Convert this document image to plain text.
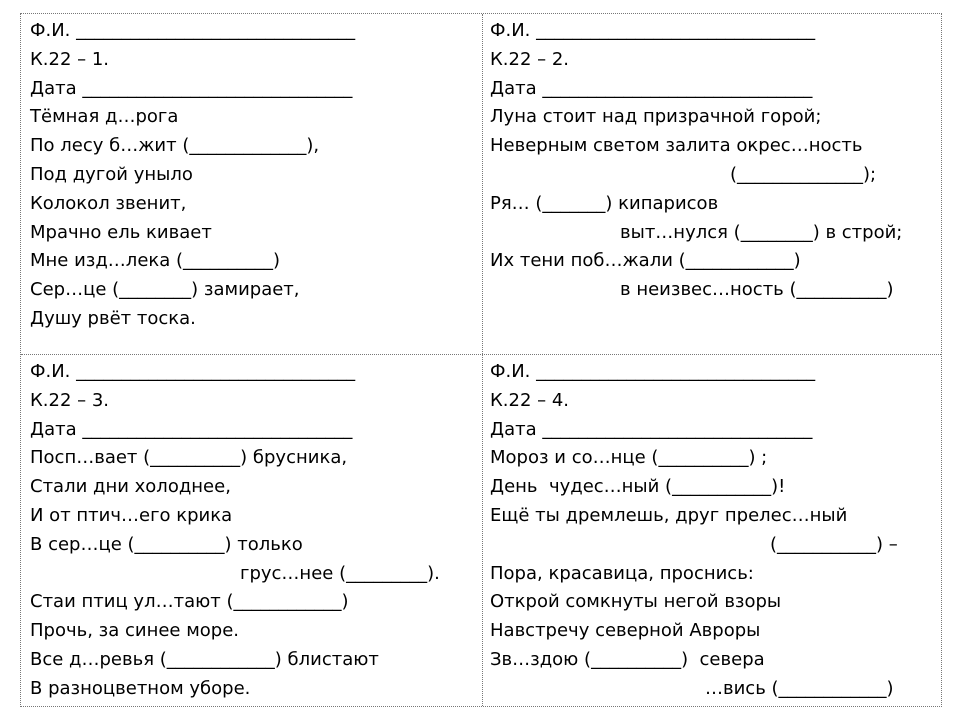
Ф.И. _______________________________
К.22 – 1.
Дата ______________________________
Тёмная д…рога
По лесу б…жит (_____________),
Под дугой уныло
Колокол звенит,
Мрачно ель кивает
Мне изд…лека (__________)
Сер…це (________) замирает,
Душу рвёт тоска.
Ф.И. _______________________________
К.22 – 2.
Дата ______________________________
Луна стоит над призрачной горой;
Неверным светом залита окрес…ность
(______________);
Ря… (_______) кипарисов
выт…нулся (________) в строй;
Их тени поб…жали (____________)
в неизвес…ность (__________)
Ф.И. _______________________________
К.22 – 3.
Дата ______________________________
Посп…вает (__________) брусника,
Стали дни холоднее,
И от птич…его крика
В сер…це (__________) только
грус…нее (_________).
Стаи птиц ул…тают (____________)
Прочь, за синее море.
Все д…ревья (____________) блистают
В разноцветном уборе.
Ф.И. _______________________________
К.22 – 4.
Дата ______________________________
Мороз и со…нце (__________) ;
День  чудес…ный (___________)!
Ещё ты дремлешь, друг прелес…ный
(___________) –
Пора, красавица, проснись:
Открой сомкнуты негой взоры
Навстречу северной Авроры
Зв…здою (__________)  севера
…вись (____________)
